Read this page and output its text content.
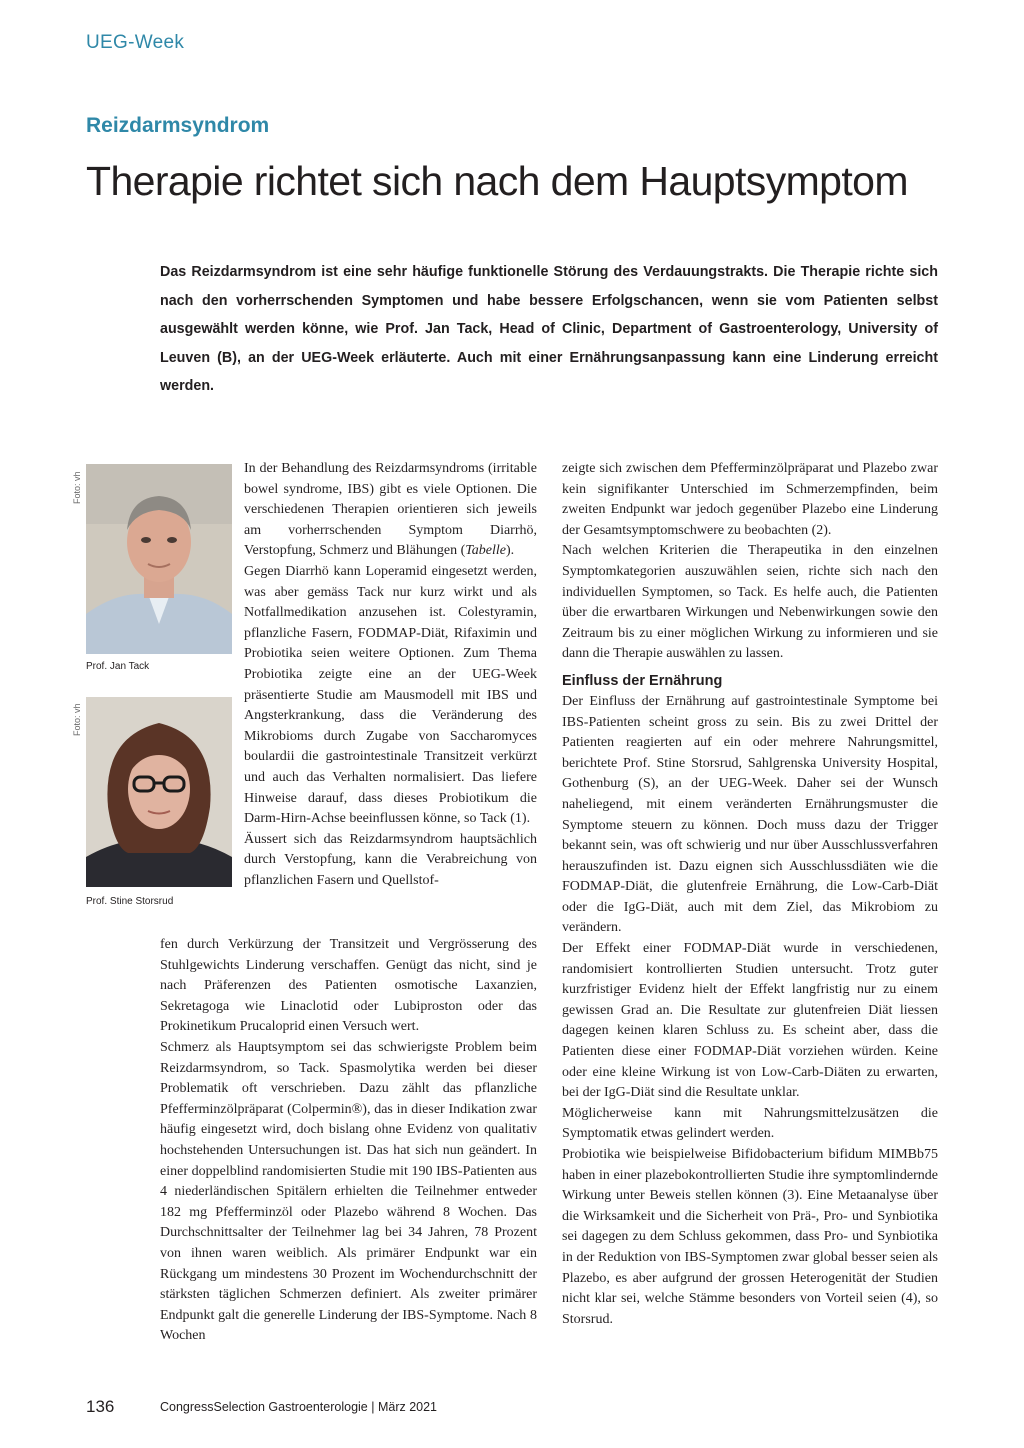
UEG-Week
Reizdarmsyndrom
Therapie richtet sich nach dem Hauptsymptom
Das Reizdarmsyndrom ist eine sehr häufige funktionelle Störung des Verdauungstrakts. Die Therapie richte sich nach den vorherrschenden Symptomen und habe bessere Erfolgschancen, wenn sie vom Patienten selbst ausgewählt werden könne, wie Prof. Jan Tack, Head of Clinic, Department of Gastroenterology, University of Leuven (B), an der UEG-Week erläuterte. Auch mit einer Ernährungsanpassung kann eine Linderung erreicht werden.
Foto: vh
Prof. Jan Tack
Foto: vh
Prof. Stine Storsrud

In der Behandlung des Reizdarmsyndroms (irritable bowel syndrome, IBS) gibt es viele Optionen. Die verschiedenen Therapien orientieren sich jeweils am vorherrschenden Symptom Diarrhö, Verstopfung, Schmerz und Blähungen (Tabelle).

Gegen Diarrhö kann Loperamid eingesetzt werden, was aber gemäss Tack nur kurz wirkt und als Notfallmedikation anzusehen ist. Colestyramin, pflanzliche Fasern, FODMAP-Diät, Rifaximin und Probiotika seien weitere Optionen. Zum Thema Probiotika zeigte eine an der UEG-Week präsentierte Studie am Mausmodell mit IBS und Angsterkrankung, dass die Veränderung des Mikrobioms durch Zugabe von Saccharomyces boulardii die gastrointestinale Transitzeit verkürzt und auch das Verhalten normalisiert. Das liefere Hinweise darauf, dass dieses Probiotikum die Darm-Hirn-Achse beeinflussen könne, so Tack (1).

Äussert sich das Reizdarmsyndrom hauptsächlich durch Verstopfung, kann die Verabreichung von pflanzlichen Fasern und Quellstof-

fen durch Verkürzung der Transitzeit und Vergrösserung des Stuhlgewichts Linderung verschaffen. Genügt das nicht, sind je nach Präferenzen des Patienten osmotische Laxanzien, Sekretagoga wie Linaclotid oder Lubiproston oder das Prokinetikum Prucaloprid einen Versuch wert.

Schmerz als Hauptsymptom sei das schwierigste Problem beim Reizdarmsyndrom, so Tack. Spasmolytika werden bei dieser Problematik oft verschrieben. Dazu zählt das pflanzliche Pfefferminzölpräparat (Colpermin®), das in dieser Indikation zwar häufig eingesetzt wird, doch bislang ohne Evidenz von qualitativ hochstehenden Untersuchungen ist. Das hat sich nun geändert. In einer doppelblind randomisierten Studie mit 190 IBS-Patienten aus 4 niederländischen Spitälern erhielten die Teilnehmer entweder 182 mg Pfefferminzöl oder Plazebo während 8 Wochen. Das Durchschnittsalter der Teilnehmer lag bei 34 Jahren, 78 Prozent von ihnen waren weiblich. Als primärer Endpunkt war ein Rückgang um mindestens 30 Prozent im Wochendurchschnitt der stärksten täglichen Schmerzen definiert. Als zweiter primärer Endpunkt galt die generelle Linderung der IBS-Symptome. Nach 8 Wochen

zeigte sich zwischen dem Pfefferminzölpräparat und Plazebo zwar kein signifikanter Unterschied im Schmerzempfinden, beim zweiten Endpunkt war jedoch gegenüber Plazebo eine Linderung der Gesamtsymptomschwere zu beobachten (2).

Nach welchen Kriterien die Therapeutika in den einzelnen Symptomkategorien auszuwählen seien, richte sich nach den individuellen Symptomen, so Tack. Es helfe auch, die Patienten über die erwartbaren Wirkungen und Nebenwirkungen sowie den Zeitraum bis zu einer möglichen Wirkung zu informieren und sie dann die Therapie auswählen zu lassen.

Einfluss der Ernährung

Der Einfluss der Ernährung auf gastrointestinale Symptome bei IBS-Patienten scheint gross zu sein. Bis zu zwei Drittel der Patienten reagierten auf ein oder mehrere Nahrungsmittel, berichtete Prof. Stine Storsrud, Sahlgrenska University Hospital, Gothenburg (S), an der UEG-Week. Daher sei der Wunsch naheliegend, mit einem veränderten Ernährungsmuster die Symptome steuern zu können. Doch muss dazu der Trigger bekannt sein, was oft schwierig und nur über Ausschlussverfahren herauszufinden ist. Dazu eignen sich Ausschlussdiäten wie die FODMAP-Diät, die glutenfreie Ernährung, die Low-Carb-Diät oder die IgG-Diät, auch mit dem Ziel, das Mikrobiom zu verändern.

Der Effekt einer FODMAP-Diät wurde in verschiedenen, randomisiert kontrollierten Studien untersucht. Trotz guter kurzfristiger Evidenz hielt der Effekt langfristig nur zu einem gewissen Grad an. Die Resultate zur glutenfreien Diät liessen dagegen keinen klaren Schluss zu. Es scheint aber, dass die Patienten diese einer FODMAP-Diät vorziehen würden. Keine oder eine kleine Wirkung ist von Low-Carb-Diäten zu erwarten, bei der IgG-Diät sind die Resultate unklar.

Möglicherweise kann mit Nahrungsmittelzusätzen die Symptomatik etwas gelindert werden.

Probiotika wie beispielweise Bifidobacterium bifidum MIMBb75 haben in einer plazebokontrollierten Studie ihre symptomlindernde Wirkung unter Beweis stellen können (3). Eine Metaanalyse über die Wirksamkeit und die Sicherheit von Prä-, Pro- und Synbiotika sei dagegen zu dem Schluss gekommen, dass Pro- und Synbiotika in der Reduktion von IBS-Symptomen zwar global besser seien als Plazebo, es aber aufgrund der grossen Heterogenität der Studien nicht klar sei, welche Stämme besonders von Vorteil seien (4), so Storsrud.

136	CongressSelection Gastroenterologie | März 2021
